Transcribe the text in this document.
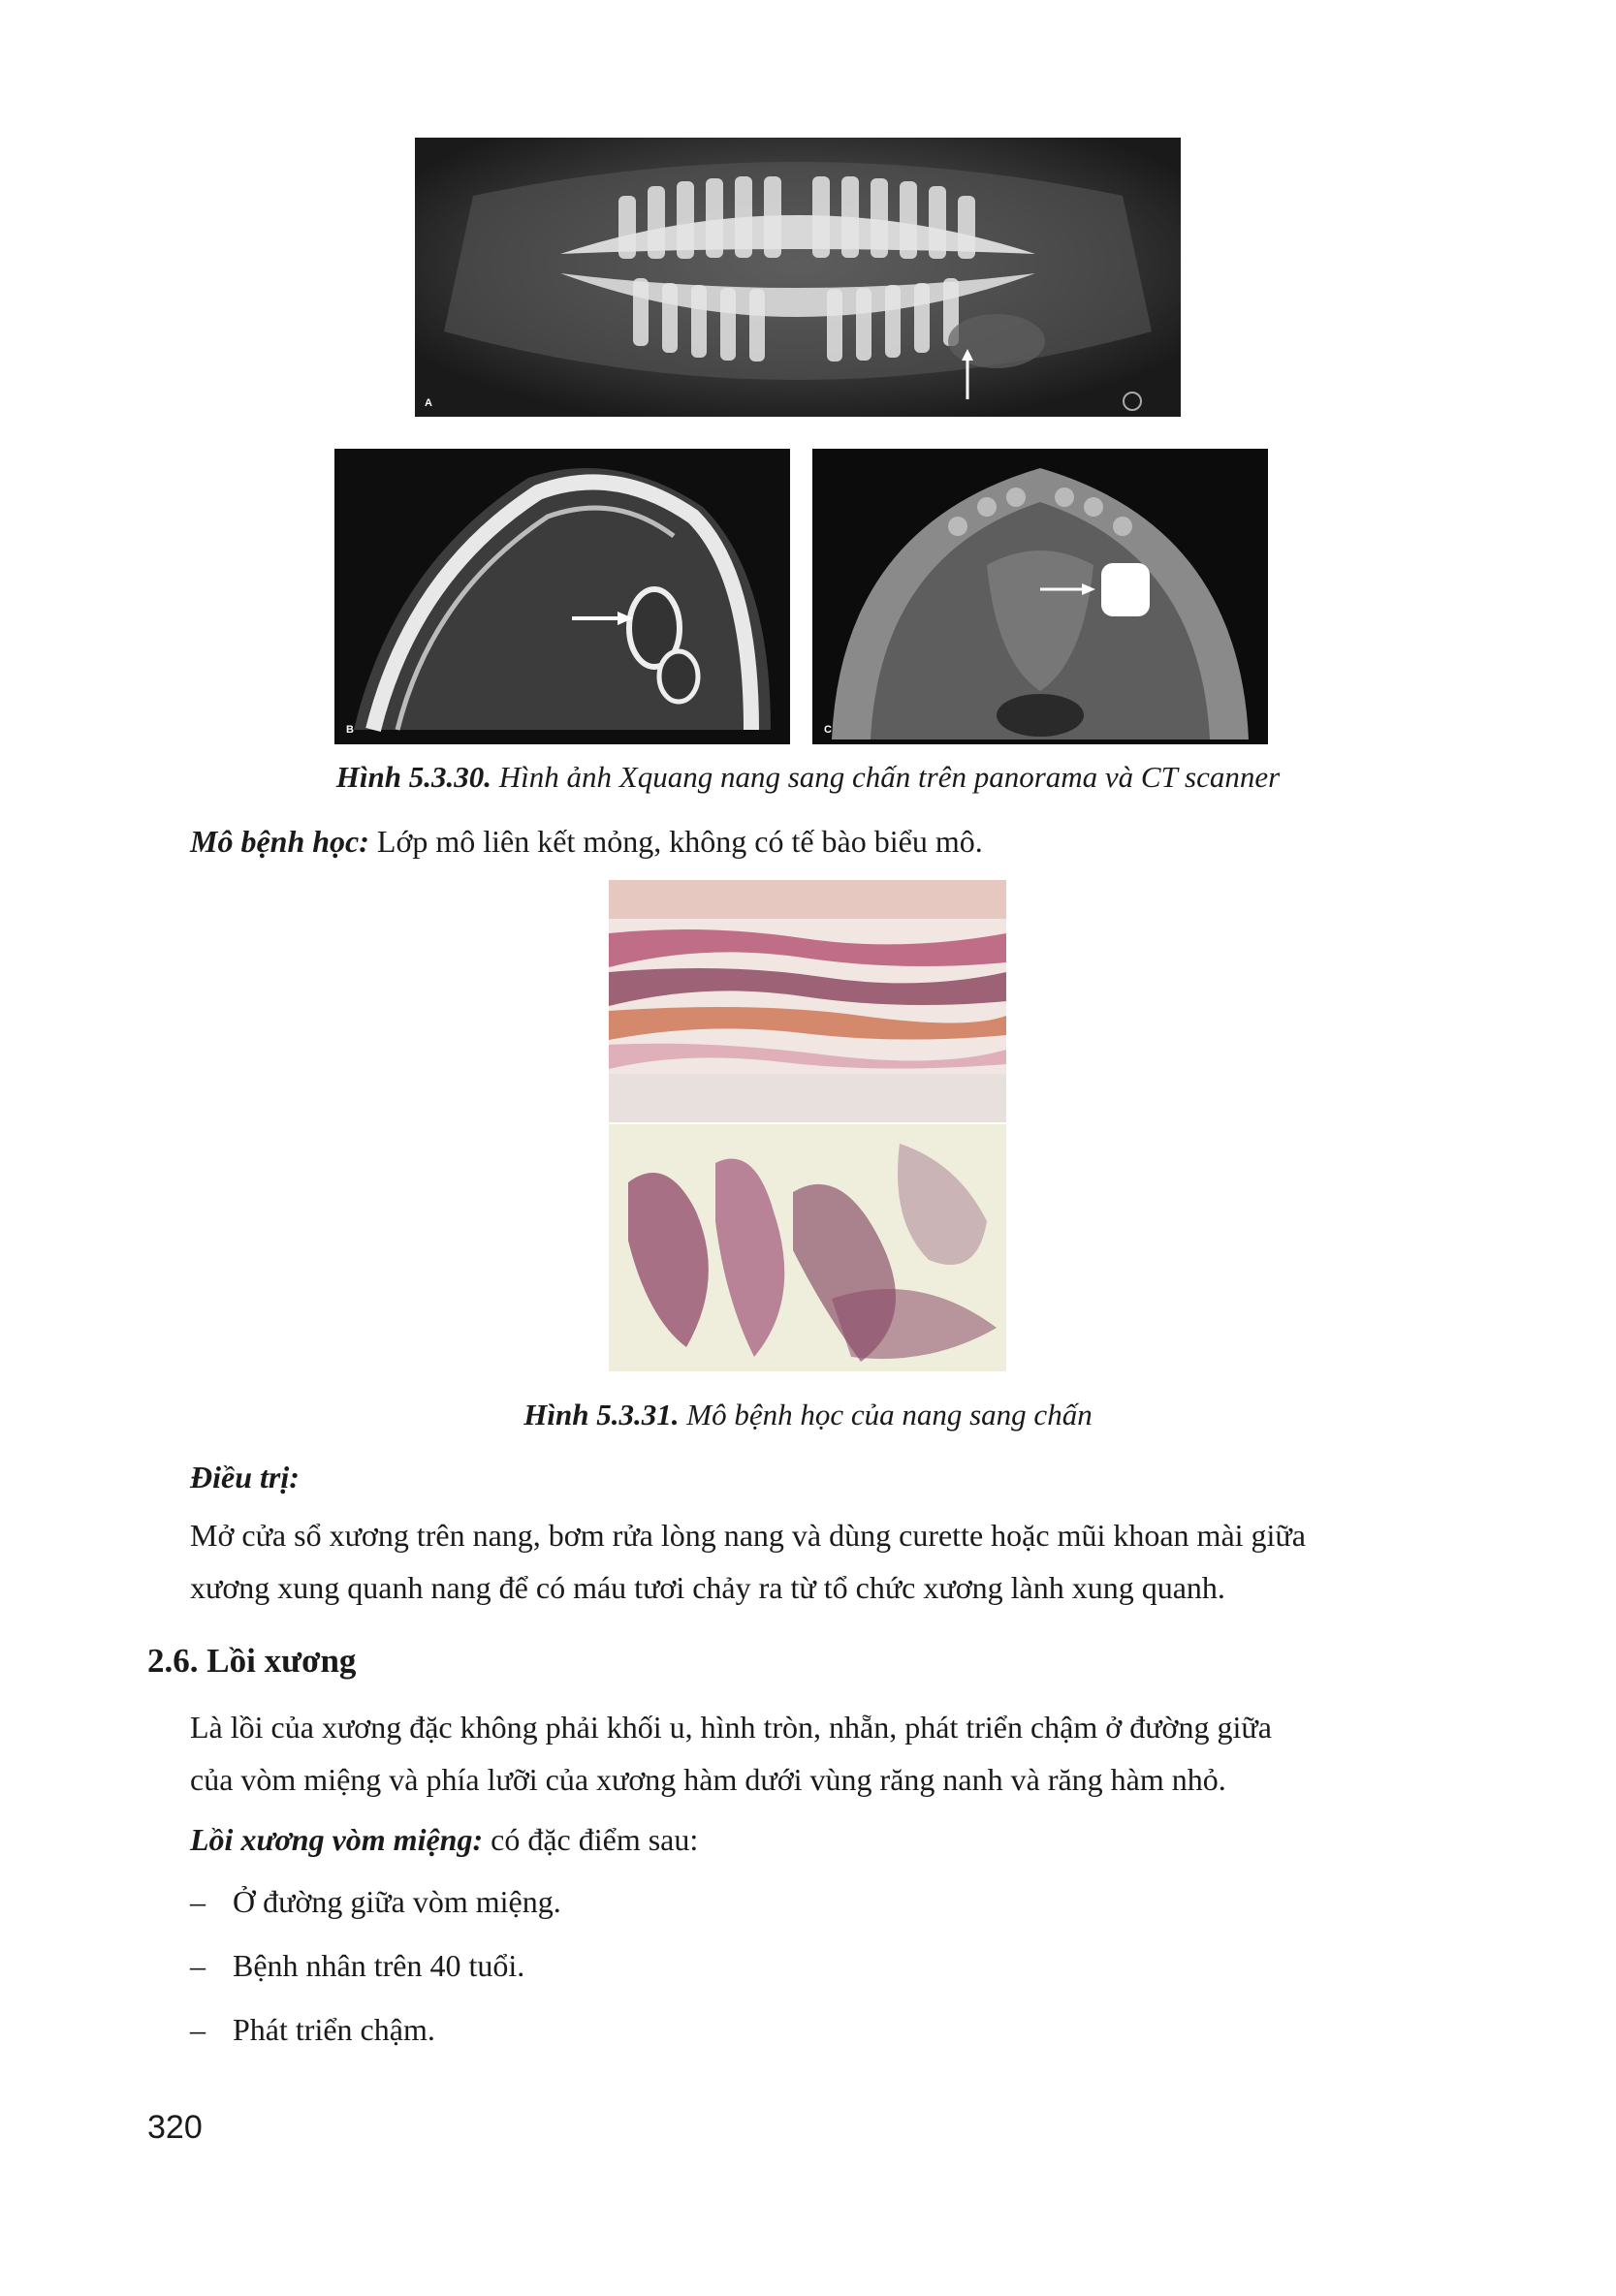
A
B	C
Hình 5.3.30. Hình ảnh Xquang nang sang chấn trên panorama và CT scanner
Mô bệnh học: Lớp mô liên kết mỏng, không có tế bào biểu mô.
Hình 5.3.31. Mô bệnh học của nang sang chấn
Điều trị:
Mở cửa sổ xương trên nang, bơm rửa lòng nang và dùng curette hoặc mũi khoan mài giữa
xương xung quanh nang để có máu tươi chảy ra từ tổ chức xương lành xung quanh.
2.6. Lồi xương
Là lồi của xương đặc không phải khối u, hình tròn, nhẵn, phát triển chậm ở đường giữa
của vòm miệng và phía lưỡi của xương hàm dưới vùng răng nanh và răng hàm nhỏ.
Lồi xương vòm miệng: có đặc điểm sau:
– Ở đường giữa vòm miệng.
– Bệnh nhân trên 40 tuổi.
– Phát triển chậm.
320
